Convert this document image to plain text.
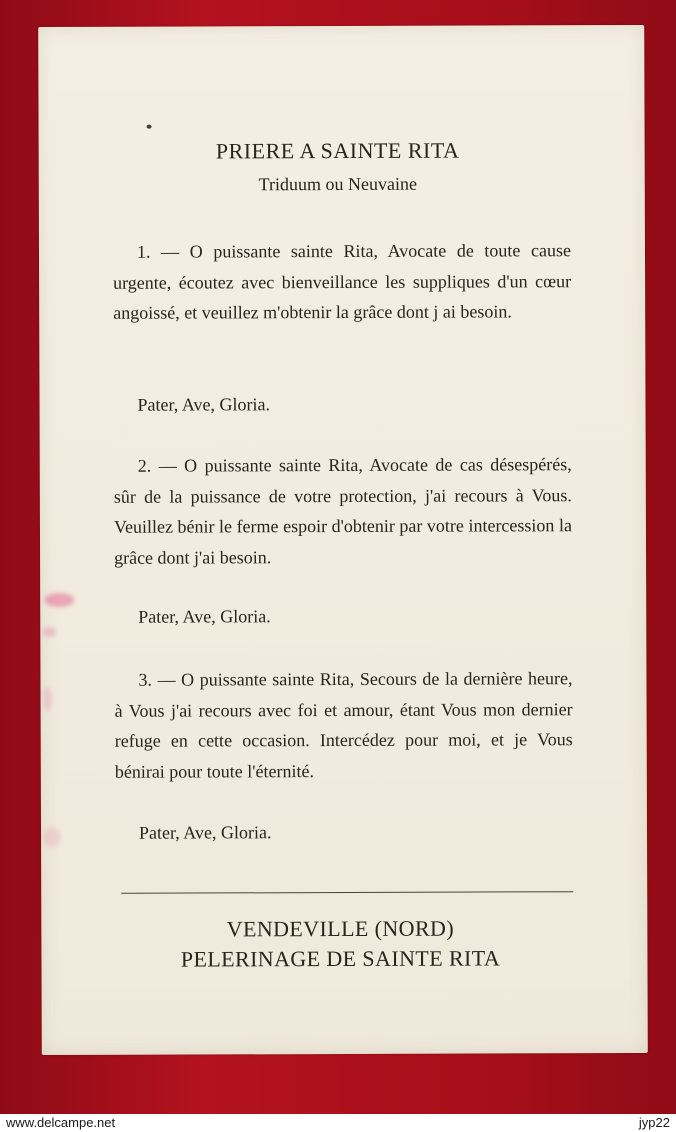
PRIERE A SAINTE RITA
Triduum ou Neuvaine

1. — O puissante sainte Rita, Avocate de toute cause urgente, écoutez avec bienveillance les suppliques d'un cœur angoissé, et veuillez m'obtenir la grâce dont j ai besoin.

Pater, Ave, Gloria.

2. — O puissante sainte Rita, Avocate de cas désespérés, sûr de la puissance de votre protection, j'ai recours à Vous. Veuillez bénir le ferme espoir d'obtenir par votre intercession la grâce dont j'ai besoin.

Pater, Ave, Gloria.

3. — O puissante sainte Rita, Secours de la dernière heure, à Vous j'ai recours avec foi et amour, étant Vous mon dernier refuge en cette occasion. Intercédez pour moi, et je Vous bénirai pour toute l'éternité.

Pater, Ave, Gloria.

VENDEVILLE (NORD)
PELERINAGE DE SAINTE RITA
www.delcampe.net	jyp22
